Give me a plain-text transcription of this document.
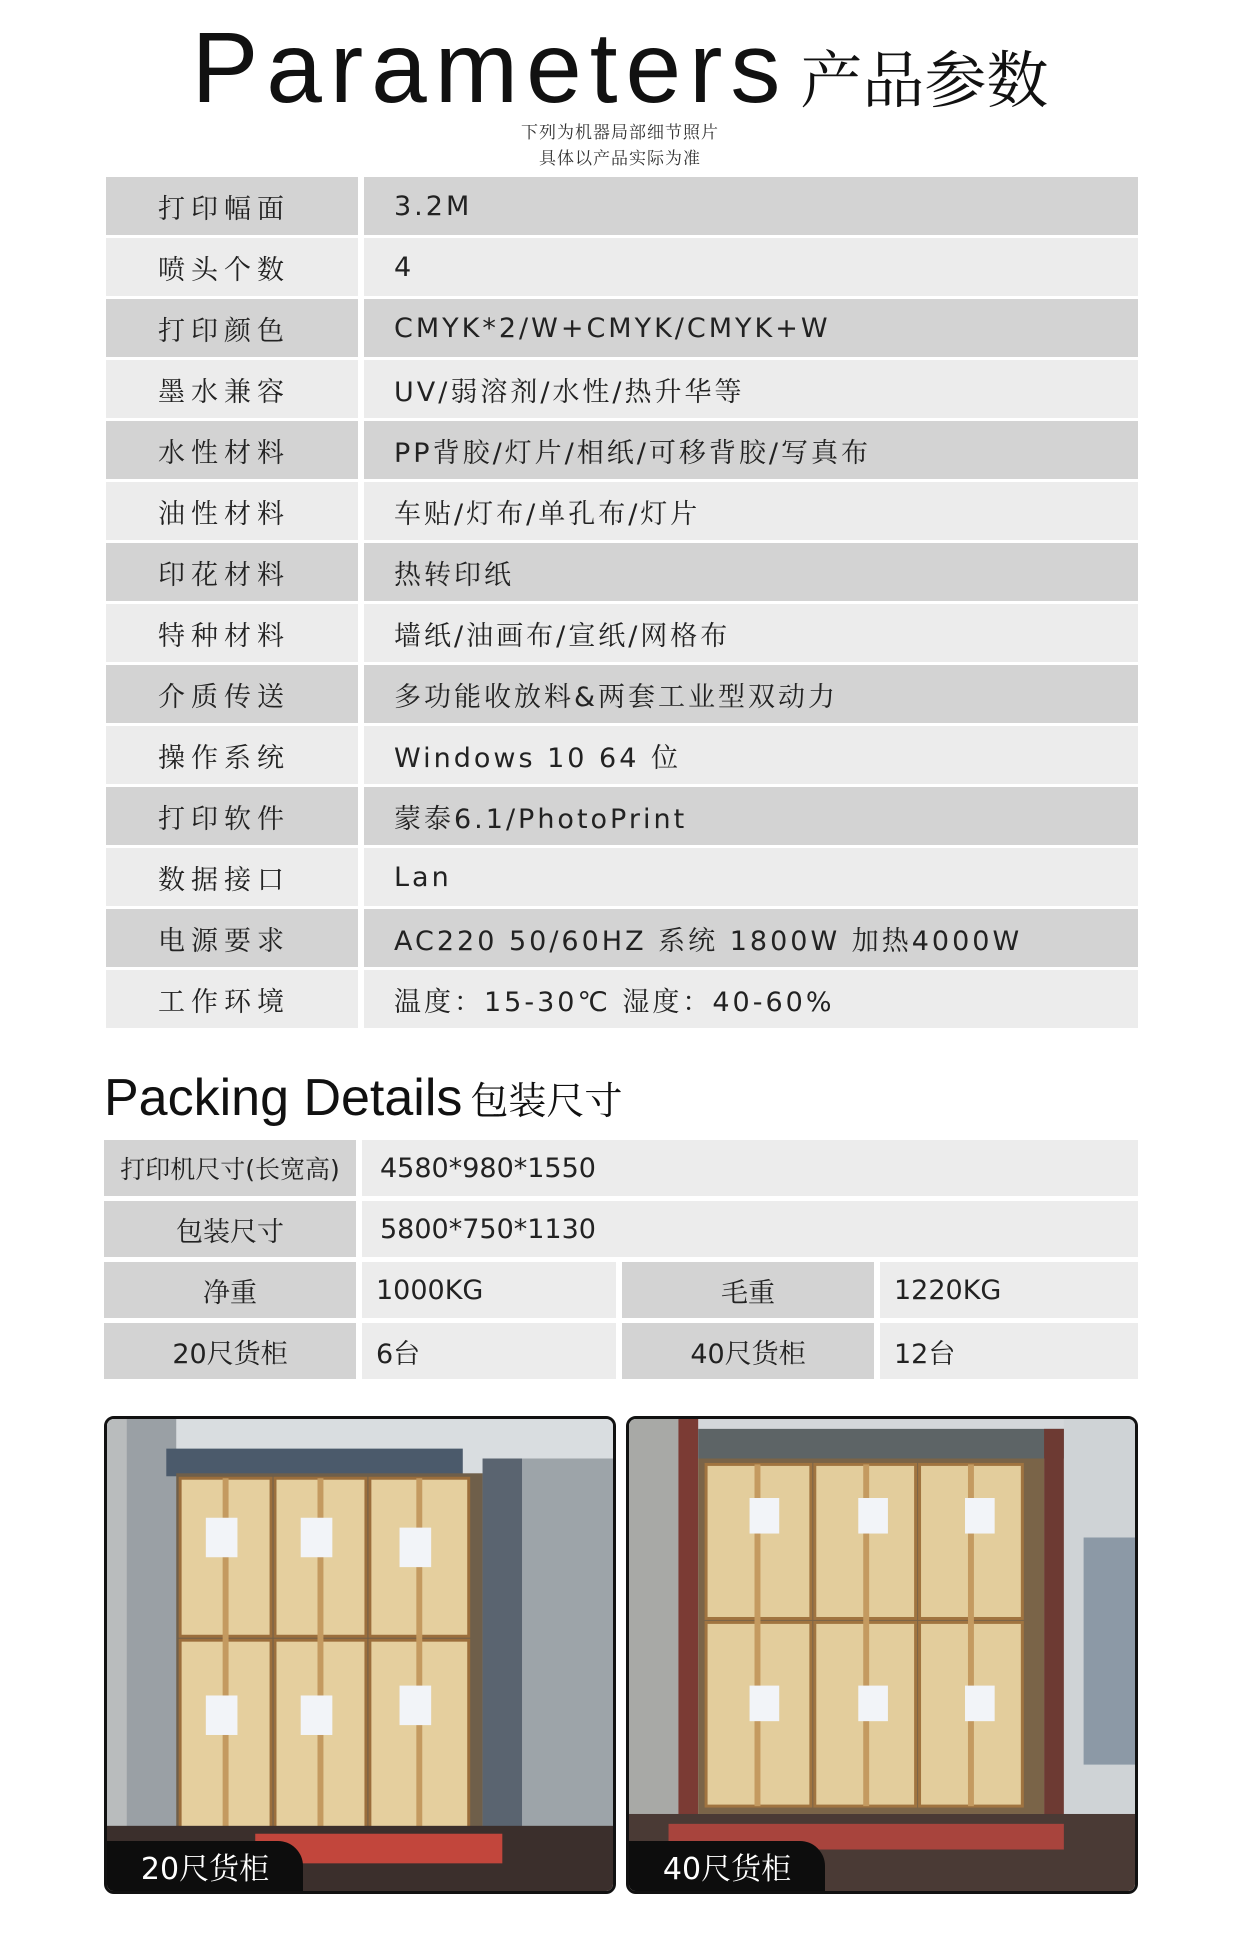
Parameters 产品参数
下列为机器局部细节照片
具体以产品实际为准
打印幅面	3.2M
喷头个数	4
打印颜色	CMYK*2/W+CMYK/CMYK+W
墨水兼容	UV/弱溶剂/水性/热升华等
水性材料	PP背胶/灯片/相纸/可移背胶/写真布
油性材料	车贴/灯布/单孔布/灯片
印花材料	热转印纸
特种材料	墙纸/油画布/宣纸/网格布
介质传送	多功能收放料&两套工业型双动力
操作系统	Windows 10 64 位
打印软件	蒙泰6.1/PhotoPrint
数据接口	Lan
电源要求	AC220 50/60HZ 系统 1800W 加热4000W
工作环境	温度：15-30℃ 湿度：40-60%
Packing Details 包装尺寸
打印机尺寸(长宽高)	4580*980*1550
包装尺寸	5800*750*1130
净重	1000KG	毛重	1220KG
20尺货柜	6台	40尺货柜	12台
20尺货柜	40尺货柜
